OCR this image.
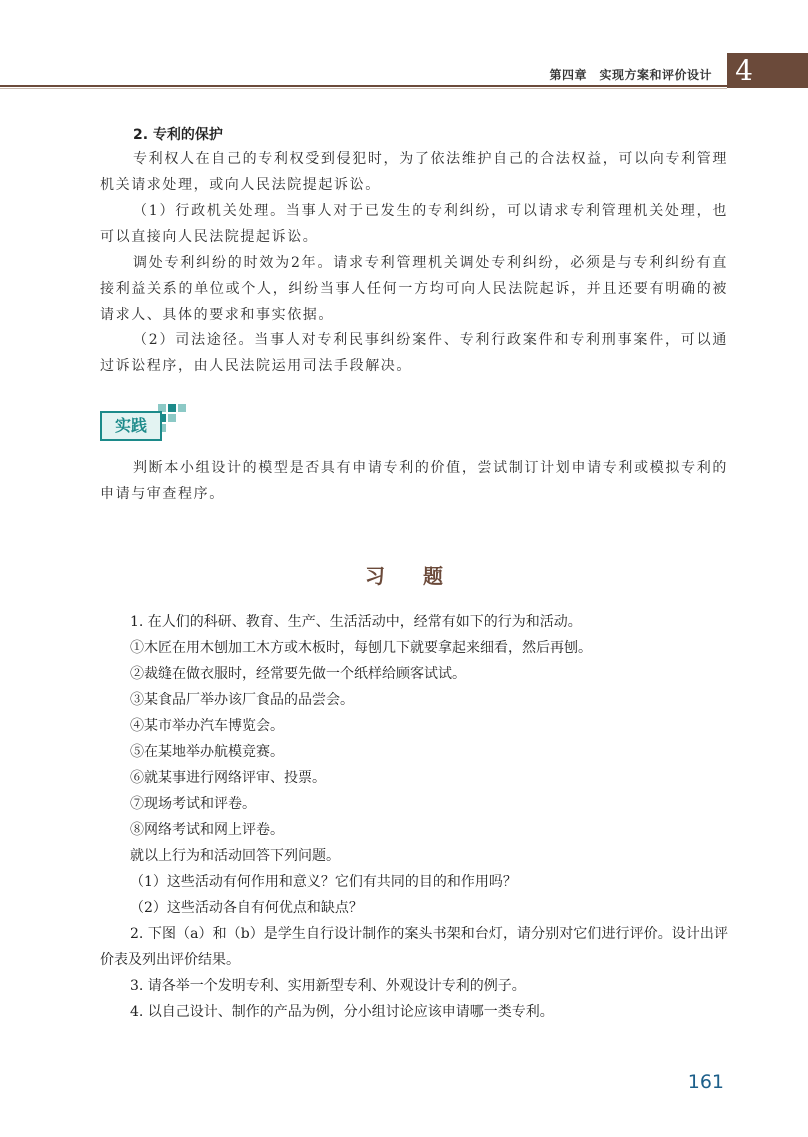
第四章　实现方案和评价设计 4
2. 专利的保护

专利权人在自己的专利权受到侵犯时，为了依法维护自己的合法权益，可以向专利管理机关请求处理，或向人民法院提起诉讼。

（1）行政机关处理。当事人对于已发生的专利纠纷，可以请求专利管理机关处理，也可以直接向人民法院提起诉讼。

调处专利纠纷的时效为2年。请求专利管理机关调处专利纠纷，必须是与专利纠纷有直接利益关系的单位或个人，纠纷当事人任何一方均可向人民法院起诉，并且还要有明确的被请求人、具体的要求和事实依据。

（2）司法途径。当事人对专利民事纠纷案件、专利行政案件和专利刑事案件，可以通过诉讼程序，由人民法院运用司法手段解决。

实践

判断本小组设计的模型是否具有申请专利的价值，尝试制订计划申请专利或模拟专利的申请与审查程序。

习题

1. 在人们的科研、教育、生产、生活活动中，经常有如下的行为和活动。

①木匠在用木刨加工木方或木板时，每刨几下就要拿起来细看，然后再刨。

②裁缝在做衣服时，经常要先做一个纸样给顾客试试。

③某食品厂举办该厂食品的品尝会。

④某市举办汽车博览会。

⑤在某地举办航模竞赛。

⑥就某事进行网络评审、投票。

⑦现场考试和评卷。

⑧网络考试和网上评卷。

就以上行为和活动回答下列问题。

（1）这些活动有何作用和意义？它们有共同的目的和作用吗？

（2）这些活动各自有何优点和缺点？

2. 下图（a）和（b）是学生自行设计制作的案头书架和台灯，请分别对它们进行评价。设计出评价表及列出评价结果。

3. 请各举一个发明专利、实用新型专利、外观设计专利的例子。

4. 以自己设计、制作的产品为例，分小组讨论应该申请哪一类专利。

161
